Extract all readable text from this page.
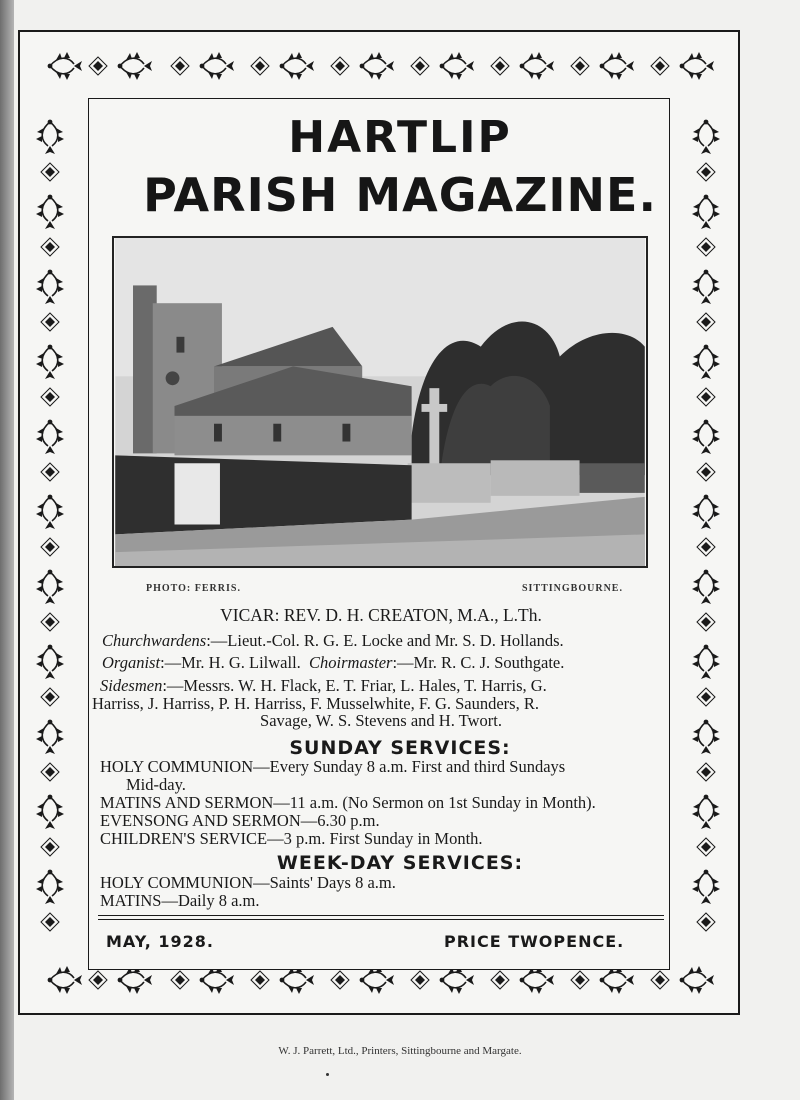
HARTLIP
PARISH MAGAZINE.
PHOTO: FERRIS.	SITTINGBOURNE.
VICAR: REV. D. H. CREATON, M.A., L.Th.
Churchwardens:—Lieut.-Col. R. G. E. Locke and Mr. S. D. Hollands.
Organist:—Mr. H. G. Lilwall. Choirmaster:—Mr. R. C. J. Southgate.
Sidesmen:—Messrs. W. H. Flack, E. T. Friar, L. Hales, T. Harris, G.
Harriss, J. Harriss, P. H. Harriss, F. Musselwhite, F. G. Saunders, R.
Savage, W. S. Stevens and H. Twort.
SUNDAY SERVICES:
HOLY COMMUNION—Every Sunday 8 a.m. First and third Sundays
Mid-day.
MATINS AND SERMON—11 a.m. (No Sermon on 1st Sunday in Month).
EVENSONG AND SERMON—6.30 p.m.
CHILDREN'S SERVICE—3 p.m. First Sunday in Month.
WEEK-DAY SERVICES:
HOLY COMMUNION—Saints' Days 8 a.m.
MATINS—Daily 8 a.m.
MAY, 1928.	PRICE TWOPENCE.
W. J. Parrett, Ltd., Printers, Sittingbourne and Margate.
